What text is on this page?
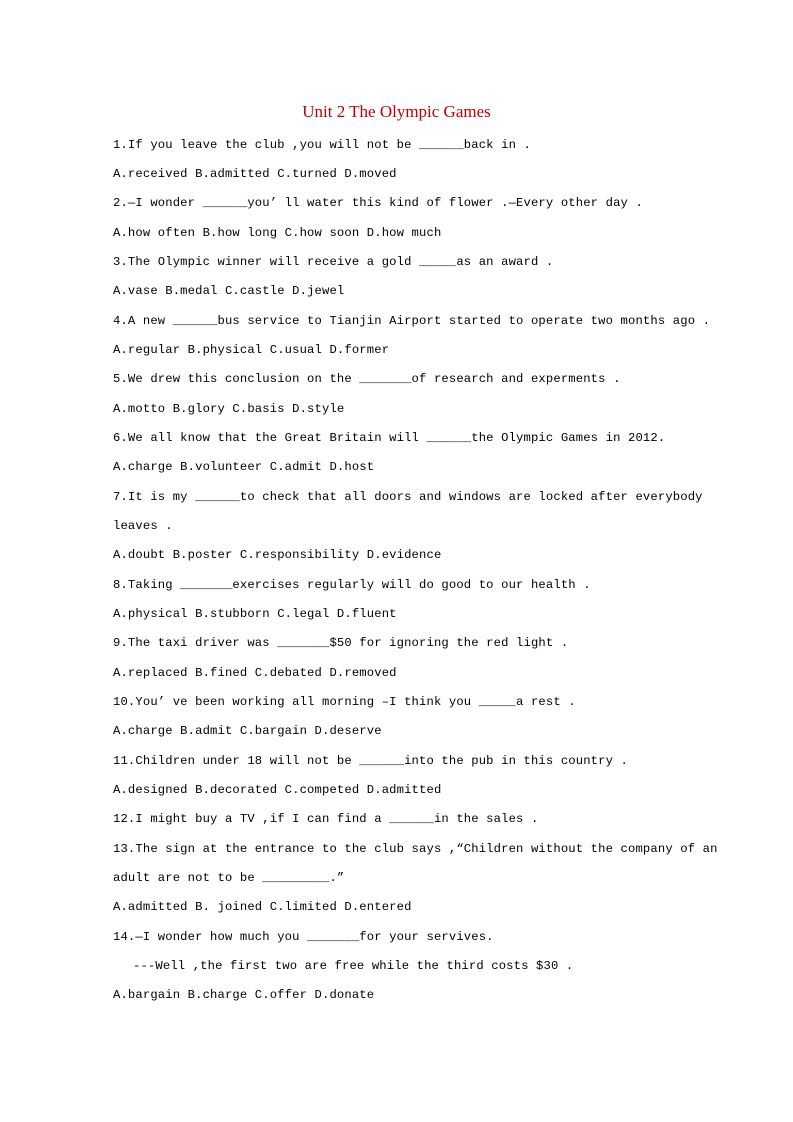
Unit 2 The Olympic Games
1.If you leave the club ,you will not be ______back in .
A.received B.admitted C.turned D.moved
2.—I wonder ______you’ ll water this kind of flower .—Every other day .
A.how often B.how long C.how soon D.how much
3.The Olympic winner will receive a gold _____as an award .
A.vase B.medal C.castle D.jewel
4.A new ______bus service to Tianjin Airport started to operate two months ago .
A.regular B.physical C.usual D.former
5.We drew this conclusion on the _______of research and experments .
A.motto B.glory C.basis D.style
6.We all know that the Great Britain will ______the Olympic Games in 2012.
A.charge B.volunteer C.admit D.host
7.It is my ______to check that all doors and windows are locked after everybody
leaves .
A.doubt B.poster C.responsibility D.evidence
8.Taking _______exercises regularly will do good to our health .
A.physical B.stubborn C.legal D.fluent
9.The taxi driver was _______$50 for ignoring the red light .
A.replaced B.fined C.debated D.removed
10.You’ ve been working all morning –I think you _____a rest .
A.charge B.admit C.bargain D.deserve
11.Children under 18 will not be ______into the pub in this country .
A.designed B.decorated C.competed D.admitted
12.I might buy a TV ,if I can find a ______in the sales .
13.The sign at the entrance to the club says ,“Children without the company of an
adult are not to be _________.”
A.admitted B. joined C.limited D.entered
14.—I wonder how much you _______for your servives.
---Well ,the first two are free while the third costs $30 .
A.bargain B.charge C.offer D.donate
